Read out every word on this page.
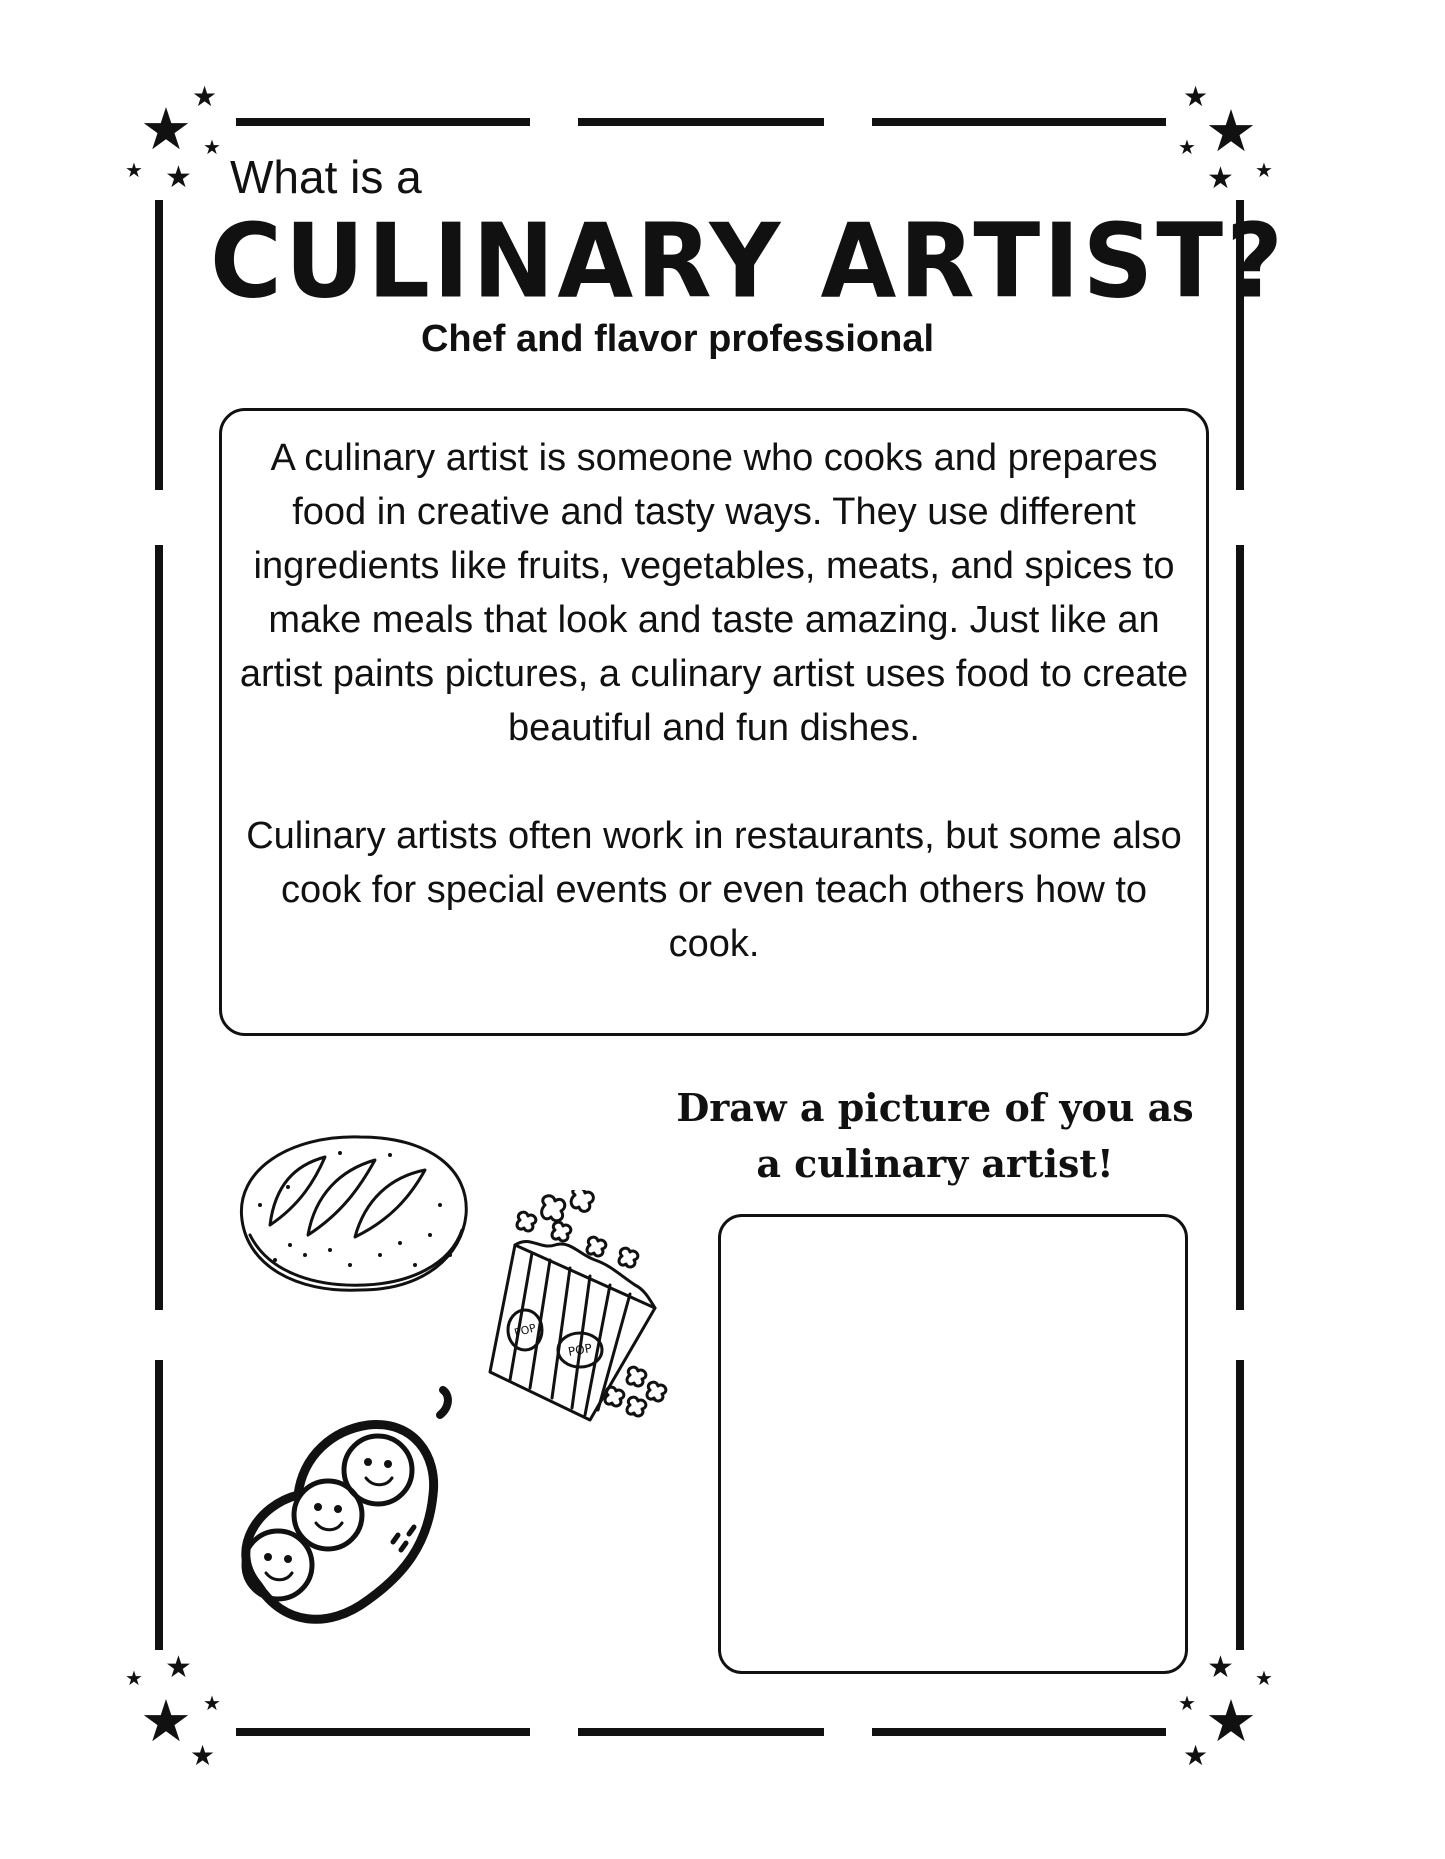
★ ★
★
★ ★
★
★
★
★
★
★
★
★
★
★
★
★ ★
★
★
What is a
CULINARY ARTIST?
Chef and flavor professional

A culinary artist is someone who cooks and prepares food in creative and tasty ways. They use different ingredients like fruits, vegetables, meats, and spices to make meals that look and taste amazing. Just like an artist paints pictures, a culinary artist uses food to create beautiful and fun dishes.

Culinary artists often work in restaurants, but some also cook for special events or even teach others how to cook.

POP
POP
Draw a picture of you as a culinary artist!
